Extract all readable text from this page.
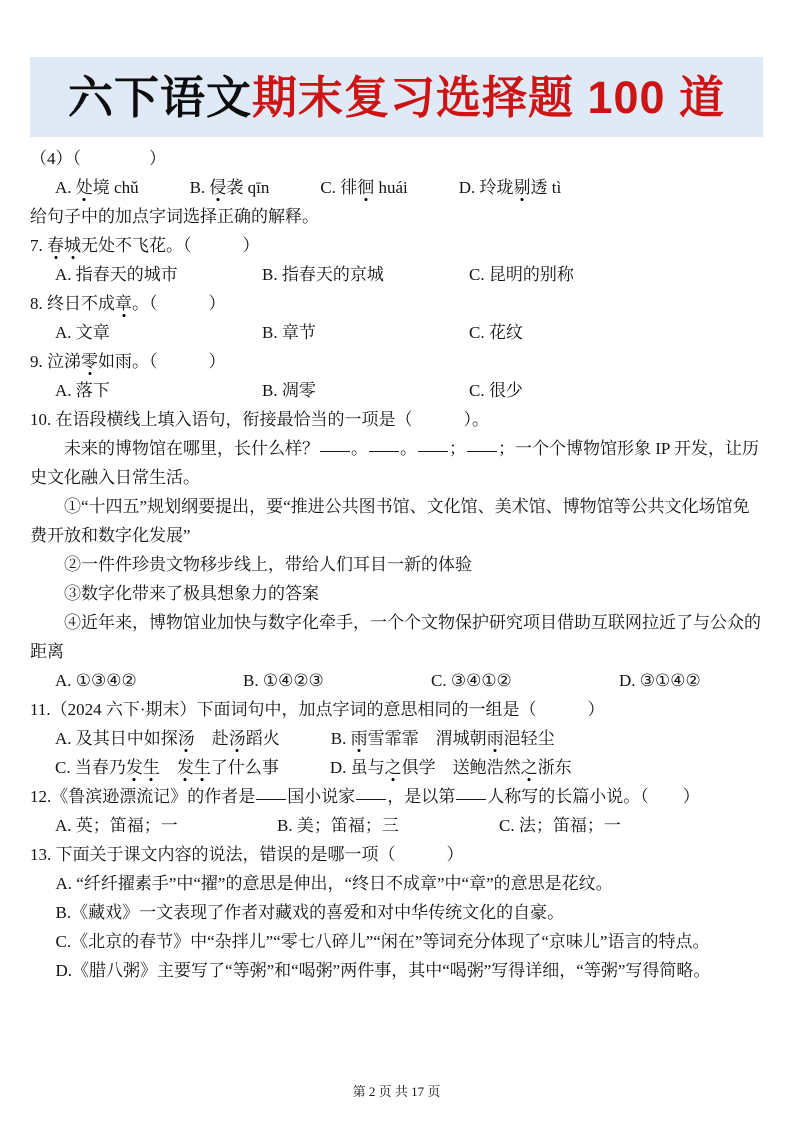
六下语文 期末复习选择题 100 道

（4）（　　　　）

A. 处境 chǔ　　　B. 侵袭 qīn　　　C. 徘徊 huái　　　D. 玲珑剔透 tì

给句子中的加点字词选择正确的解释。

7. 春城无处不飞花。（　　　）

A. 指春天的城市	B. 指春天的京城	C. 昆明的别称

8. 终日不成章。（　　　）

A. 文章	B. 章节	C. 花纹

9. 泣涕零如雨。（　　　）

A. 落下	B. 凋零	C. 很少

10. 在语段横线上填入语句，衔接最恰当的一项是（　　　）。

未来的博物馆在哪里，长什么样？ 。 。 ； ；一个个博物馆形象 IP 开发，让历史文化融入日常生活。

①“十四五”规划纲要提出，要“推进公共图书馆、文化馆、美术馆、博物馆等公共文化场馆免费开放和数字化发展”

②一件件珍贵文物移步线上，带给人们耳目一新的体验

③数字化带来了极具想象力的答案

④近年来，博物馆业加快与数字化牵手，一个个文物保护研究项目借助互联网拉近了与公众的距离

A. ①③④②	B. ①④②③	C. ③④①②	D. ③①④②

11.（2024 六下·期末）下面词句中，加点字词的意思相同的一组是（　　　）

A. 及其日中如探汤　赴汤蹈火　　　B. 雨雪霏霏　渭城朝雨浥轻尘

C. 当春乃发生　 发生了什么事　　　D. 虽与之俱学　送鲍浩然之浙东

12.《鲁滨逊漂流记》的作者是 国小说家 ，是以第 人称写的长篇小说。（　　）

A. 英；笛福；一	B. 美；笛福；三	C. 法；笛福；一

13. 下面关于课文内容的说法，错误的是哪一项（　　　）

A. “纤纤擢素手”中“擢”的意思是伸出，“终日不成章”中“章”的意思是花纹。

B.《藏戏》一文表现了作者对藏戏的喜爱和对中华传统文化的自豪。

C.《北京的春节》中“杂拌儿”“零七八碎儿”“闲在”等词充分体现了“京味儿”语言的特点。

D.《腊八粥》主要写了“等粥”和“喝粥”两件事，其中“喝粥”写得详细，“等粥”写得简略。

第 2 页 共 17 页
